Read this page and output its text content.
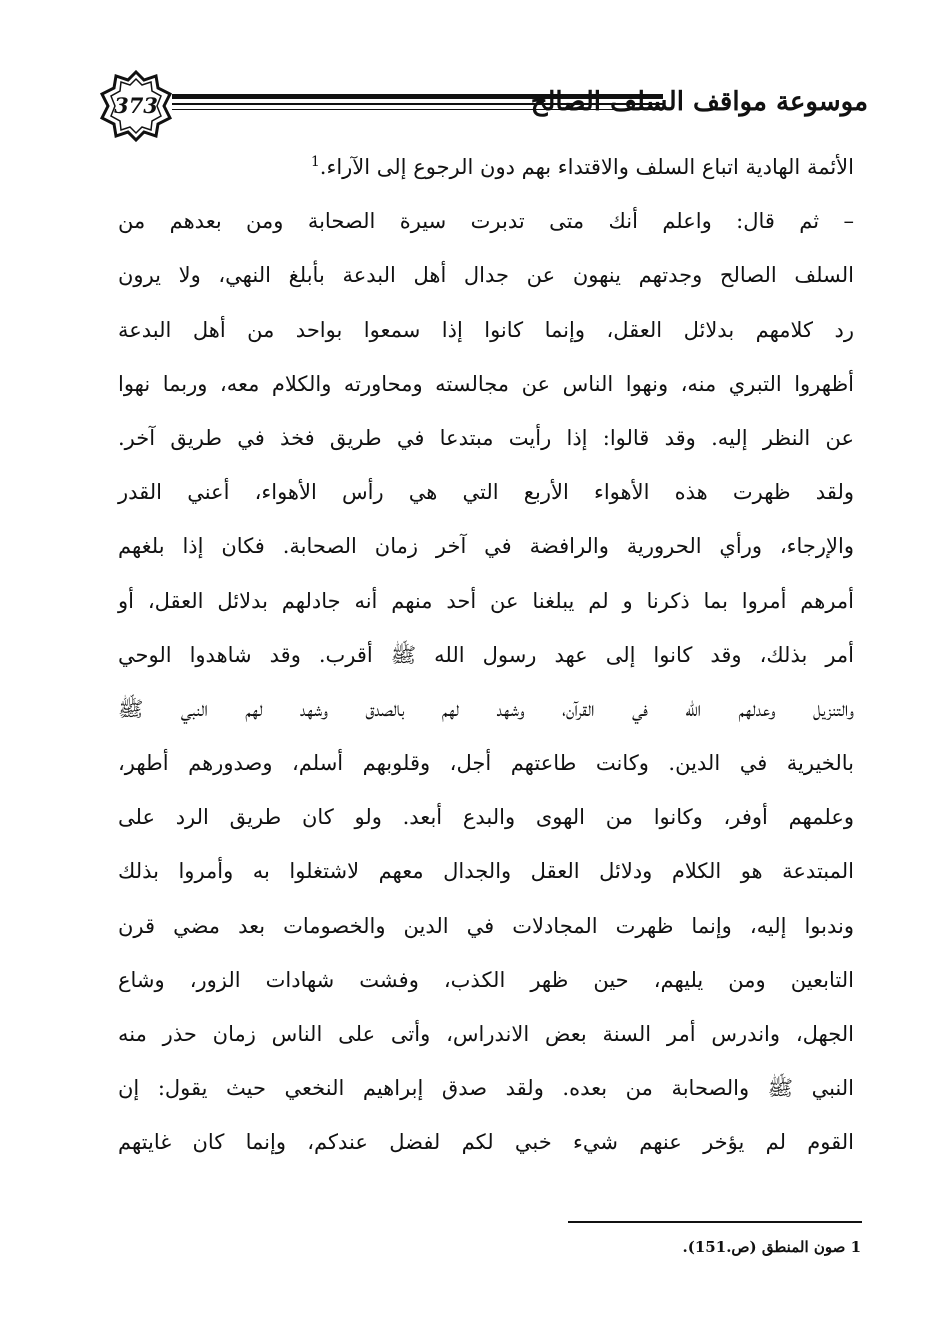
373	موسوعة مواقف السلف الصالح
الأئمة الهادية اتباع السلف والاقتداء بهم دون الرجوع إلى الآراء.$^1$
– ثم قال: واعلم أنك متى تدبرت سيرة الصحابة ومن بعدهم من
السلف الصالح وجدتهم ينهون عن جدال أهل البدعة بأبلغ النهي، ولا يرون
رد كلامهم بدلائل العقل، وإنما كانوا إذا سمعوا بواحد من أهل البدعة
أظهروا التبري منه، ونهوا الناس عن مجالسته ومحاورته والكلام معه، وربما نهوا
عن النظر إليه. وقد قالوا: إذا رأيت مبتدعا في طريق فخذ في طريق آخر.
ولقد ظهرت هذه الأهواء الأربع التي هي رأس الأهواء، أعني القدر
والإرجاء، ورأي الحرورية والرافضة في آخر زمان الصحابة. فكان إذا بلغهم
أمرهم أمروا بما ذكرنا و لم يبلغنا عن أحد منهم أنه جادلهم بدلائل العقل، أو
أمر بذلك، وقد كانوا إلى عهد رسول الله ﷺ أقرب. وقد شاهدوا الوحي
والتنزيل وعدلهم الله في القرآن، وشهد لهم بالصدق وشهد لهم النبي ﷺ
بالخيرية في الدين. وكانت طاعتهم أجل، وقلوبهم أسلم، وصدورهم أطهر،
وعلمهم أوفر، وكانوا من الهوى والبدع أبعد. ولو كان طريق الرد على
المبتدعة هو الكلام ودلائل العقل والجدال معهم لاشتغلوا به وأمروا بذلك
وندبوا إليه، وإنما ظهرت المجادلات في الدين والخصومات بعد مضي قرن
التابعين ومن يليهم، حين ظهر الكذب، وفشت شهادات الزور، وشاع
الجهل، واندرس أمر السنة بعض الاندراس، وأتى على الناس زمان حذر منه
النبي ﷺ والصحابة من بعده. ولقد صدق إبراهيم النخعي حيث يقول: إن
القوم لم يؤخر عنهم شيء خبي لكم لفضل عندكم، وإنما كان غايتهم
1 صون المنطق (ص.151).
